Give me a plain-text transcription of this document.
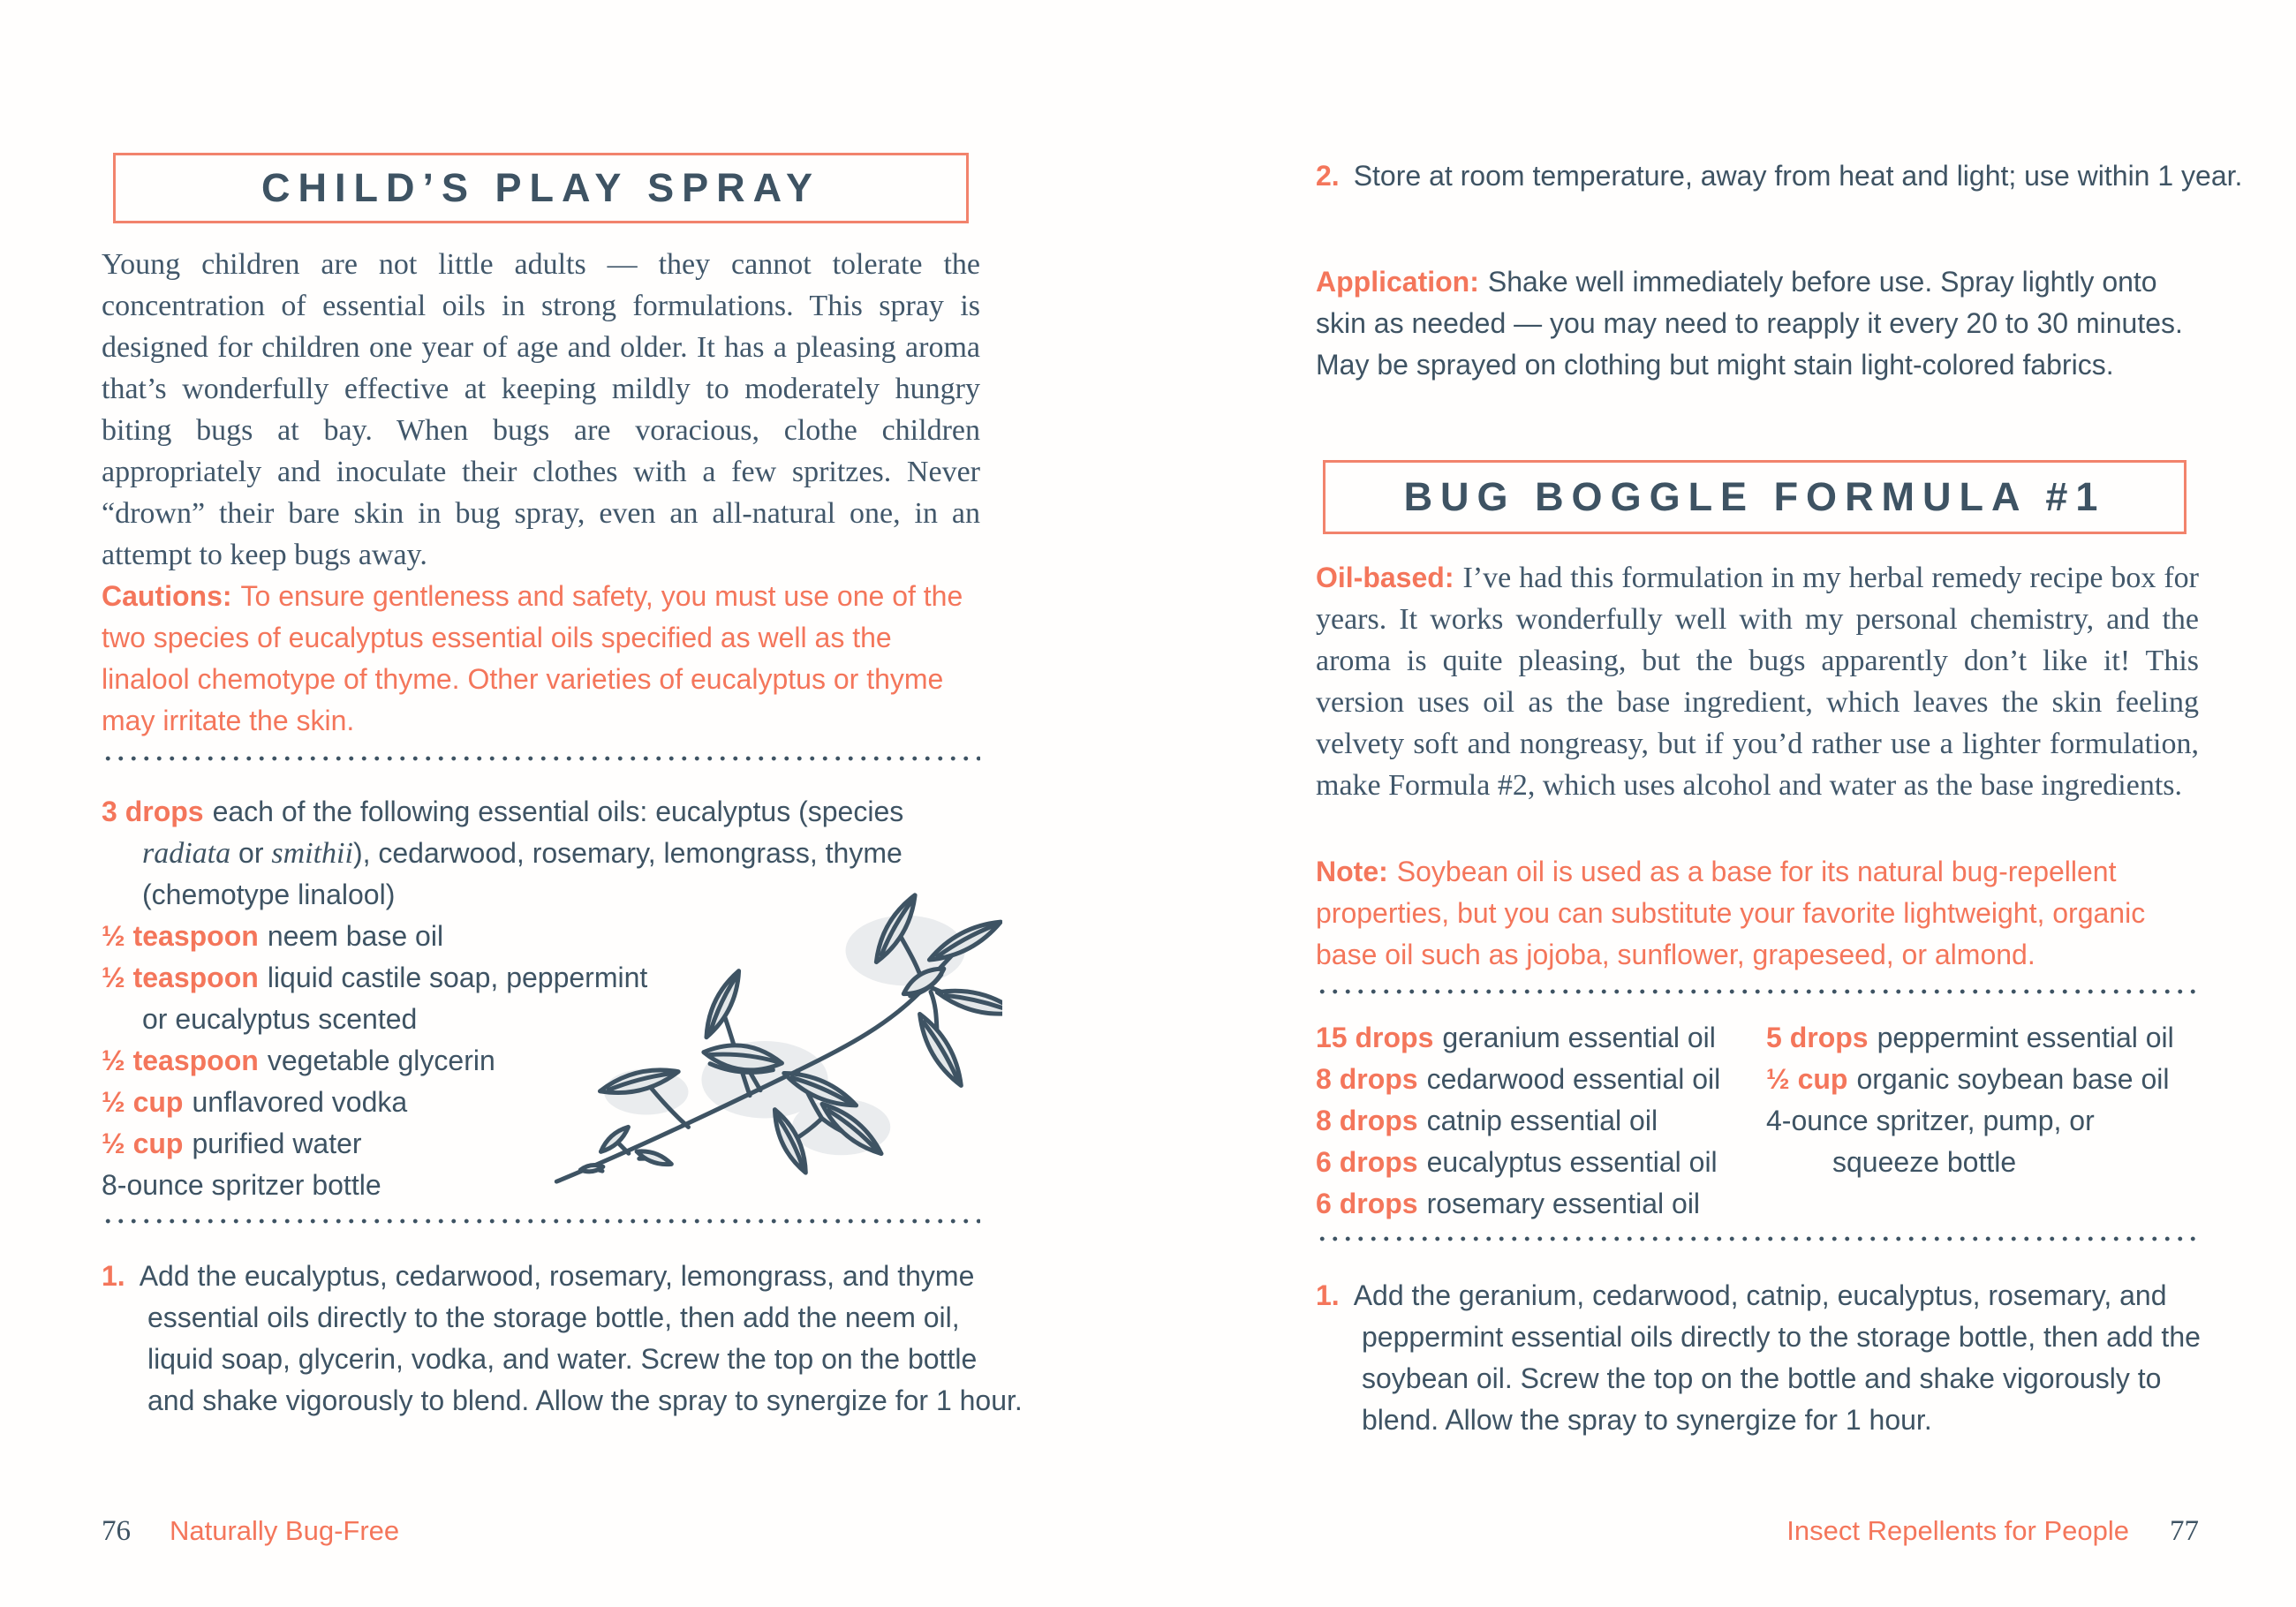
CHILD’S PLAY SPRAY

Young children are not little adults — they cannot tolerate the concentration of essential oils in strong formulations. This spray is designed for children one year of age and older. It has a pleasing aroma that’s wonderfully effective at keeping mildly to moderately hungry biting bugs at bay. When bugs are voracious, clothe children appropriately and inoculate their clothes with a few spritzes. Never “drown” their bare skin in bug spray, even an all-natural one, in an attempt to keep bugs away.

Cautions: To ensure gentleness and safety, you must use one of the two species of eucalyptus essential oils specified as well as the linalool chemotype of thyme. Other varieties of eucalyptus or thyme may irritate the skin.

3 drops each of the following essential oils: eucalyptus (species radiata or smithii), cedarwood, rosemary, lemongrass, thyme (chemotype linalool)
½ teaspoon neem base oil
½ teaspoon liquid castile soap, peppermint or eucalyptus scented
½ teaspoon vegetable glycerin
½ cup unflavored vodka
½ cup purified water
8-ounce spritzer bottle
1. Add the eucalyptus, cedarwood, rosemary, lemongrass, and thyme essential oils directly to the storage bottle, then add the neem oil, liquid soap, glycerin, vodka, and water. Screw the top on the bottle and shake vigorously to blend. Allow the spray to synergize for 1 hour.
76 Naturally Bug-Free
2. Store at room temperature, away from heat and light; use within 1 year.

Application: Shake well immediately before use. Spray lightly onto skin as needed — you may need to reapply it every 20 to 30 minutes. May be sprayed on clothing but might stain light-colored fabrics.

BUG BOGGLE FORMULA #1

Oil-based: I’ve had this formulation in my herbal remedy recipe box for years. It works wonderfully well with my personal chemistry, and the aroma is quite pleasing, but the bugs apparently don’t like it! This version uses oil as the base ingredient, which leaves the skin feeling velvety soft and nongreasy, but if you’d rather use a lighter formulation, make Formula #2, which uses alcohol and water as the base ingredients.

Note: Soybean oil is used as a base for its natural bug-repellent properties, but you can substitute your favorite lightweight, organic base oil such as jojoba, sunflower, grapeseed, or almond.

15 drops geranium essential oil
8 drops cedarwood essential oil
8 drops catnip essential oil
6 drops eucalyptus essential oil
6 drops rosemary essential oil
5 drops peppermint essential oil
½ cup organic soybean base oil
4-ounce spritzer, pump, or squeeze bottle
1. Add the geranium, cedarwood, catnip, eucalyptus, rosemary, and peppermint essential oils directly to the storage bottle, then add the soybean oil. Screw the top on the bottle and shake vigorously to blend. Allow the spray to synergize for 1 hour.
Insect Repellents for People 77
